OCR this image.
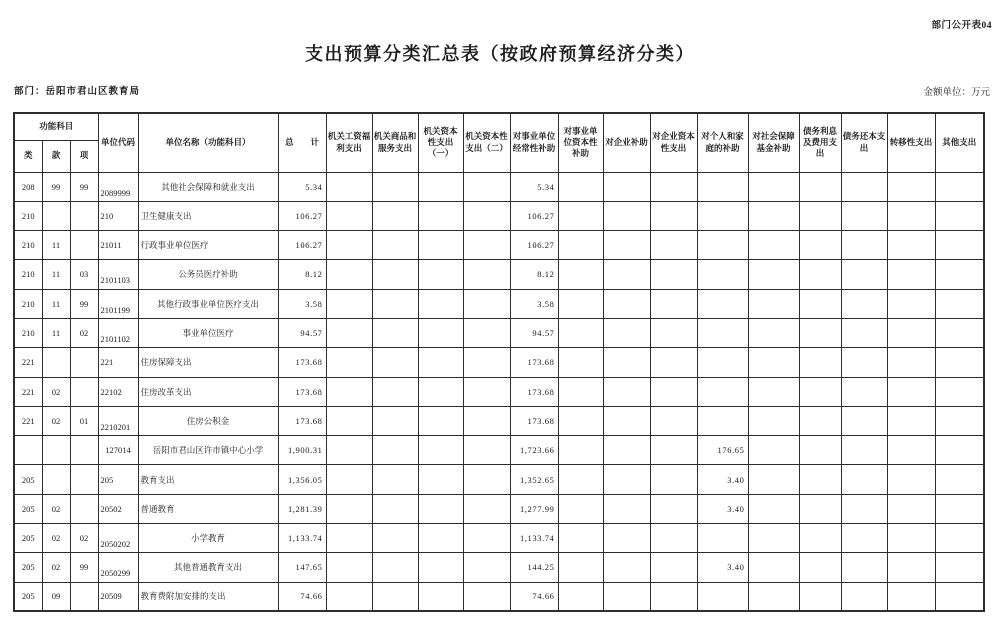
部门公开表04
支出预算分类汇总表（按政府预算经济分类）
部门：岳阳市君山区教育局	金额单位：万元
功能科目			单位代码	单位名称（功能科目）	总　　计	机关工资福利支出	机关商品和服务支出	机关资本性支出（一）	机关资本性支出（二）	对事业单位经常性补助	对事业单位资本性补助	对企业补助	对企业资本性支出	对个人和家庭的补助	对社会保障基金补助	债务利息及费用支出	债务还本支出	转移性支出	其他支出
类	款	项																	
208	99	99	2089999	其他社会保障和就业支出	5.34					5.34									
210			210	卫生健康支出	106.27					106.27									
210	11		21011	行政事业单位医疗	106.27					106.27									
210	11	03	2101103	公务员医疗补助	8.12					8.12									
210	11	99	2101199	其他行政事业单位医疗支出	3.58					3.58									
210	11	02	2101102	事业单位医疗	94.57					94.57									
221			221	住房保障支出	173.68					173.68									
221	02		22102	住房改革支出	173.68					173.68									
221	02	01	2210201	住房公积金	173.68					173.68									
			127014	岳阳市君山区许市镇中心小学	1,900.31					1,723.66				176.65					
205			205	教育支出	1,356.05					1,352.65				3.40					
205	02		20502	普通教育	1,281.39					1,277.99				3.40					
205	02	02	2050202	小学教育	1,133.74					1,133.74									
205	02	99	2050299	其他普通教育支出	147.65					144.25				3.40					
205	09		20509	教育费附加安排的支出	74.66					74.66									
